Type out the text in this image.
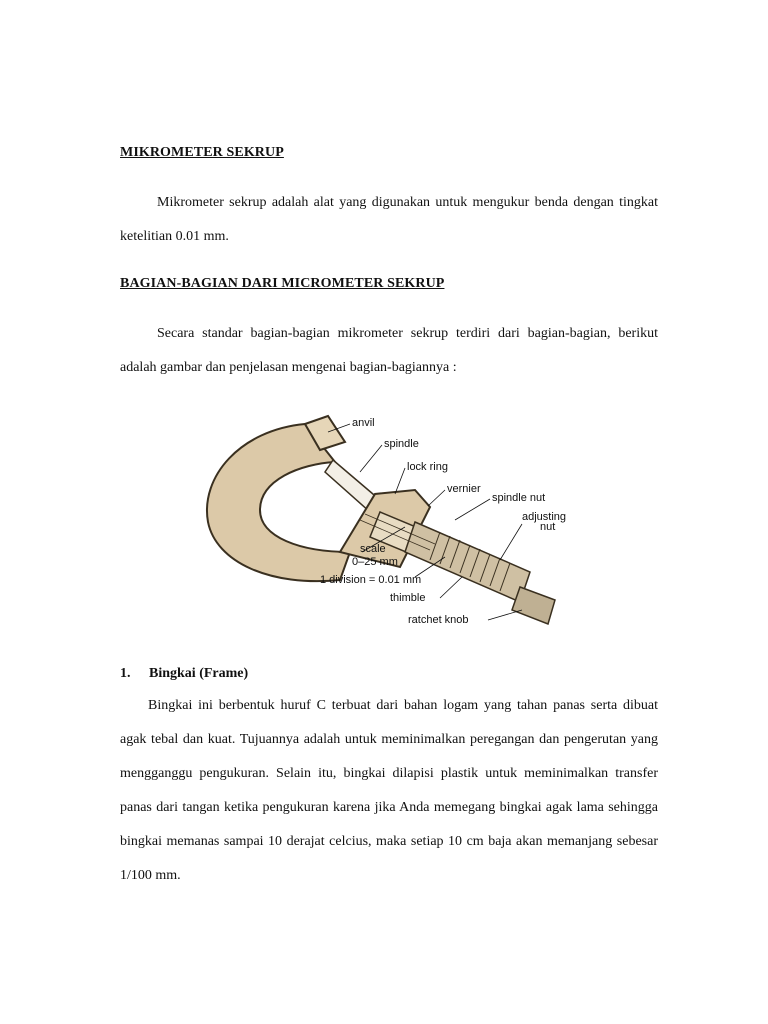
MIKROMETER SEKRUP

Mikrometer sekrup adalah alat yang digunakan untuk mengukur benda dengan tingkat ketelitian 0.01 mm.

BAGIAN-BAGIAN DARI MICROMETER SEKRUP

Secara standar bagian-bagian mikrometer sekrup terdiri dari bagian-bagian, berikut adalah gambar dan penjelasan mengenai bagian-bagiannya :

anvil
spindle
lock ring
vernier
spindle nut
adjusting
nut
scale
0–25 mm
1 division = 0.01 mm
thimble
ratchet knob
1. Bingkai (Frame)

Bingkai ini berbentuk huruf C terbuat dari bahan logam yang tahan panas serta dibuat agak tebal dan kuat. Tujuannya adalah untuk meminimalkan peregangan dan pengerutan yang mengganggu pengukuran. Selain itu, bingkai dilapisi plastik untuk meminimalkan transfer panas dari tangan ketika pengukuran karena jika Anda memegang bingkai agak lama sehingga bingkai memanas sampai 10 derajat celcius, maka setiap 10 cm baja akan memanjang sebesar 1/100 mm.
